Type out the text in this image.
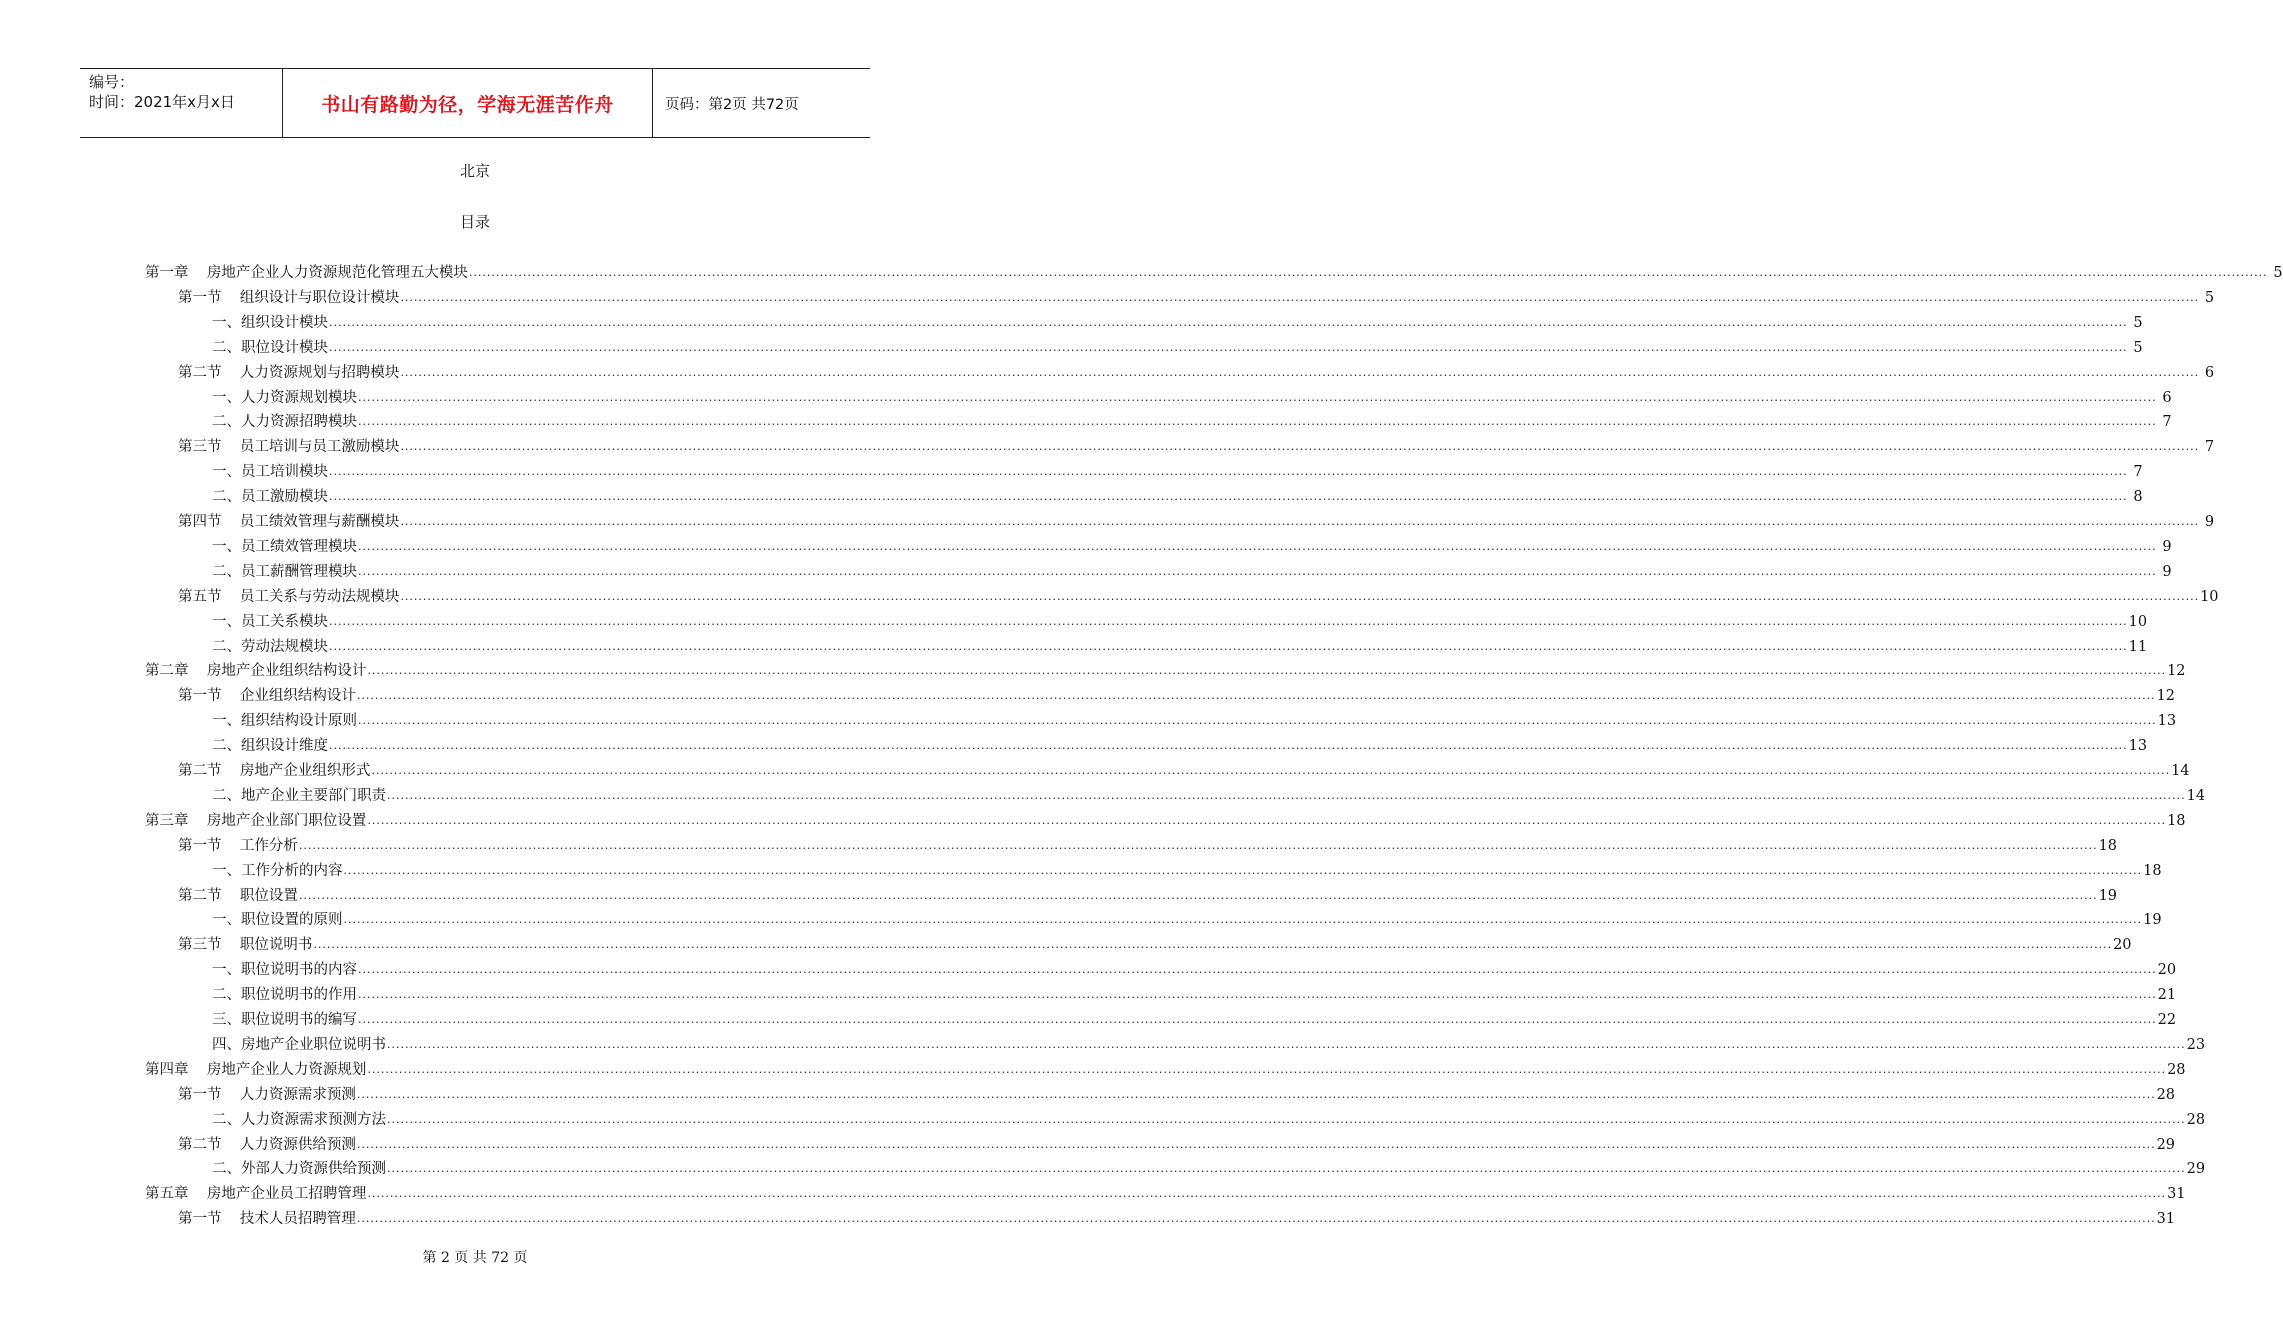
编号：
时间：2021年x月x日	书山有路勤为径，学海无涯苦作舟	页码：第2页 共72页
北京
目录
第一章    房地产企业人力资源规范化管理五大模块 ................................................................................................................................................................................................................................................................................................................................................................................................................ 5
第一节    组织设计与职位设计模块 ................................................................................................................................................................................................................................................................................................................................................................................................................ 5
一、组织设计模块 ................................................................................................................................................................................................................................................................................................................................................................................................................ 5
二、职位设计模块 ................................................................................................................................................................................................................................................................................................................................................................................................................ 5
第二节    人力资源规划与招聘模块 ................................................................................................................................................................................................................................................................................................................................................................................................................ 6
一、人力资源规划模块 ................................................................................................................................................................................................................................................................................................................................................................................................................ 6
二、人力资源招聘模块 ................................................................................................................................................................................................................................................................................................................................................................................................................ 7
第三节    员工培训与员工激励模块 ................................................................................................................................................................................................................................................................................................................................................................................................................ 7
一、员工培训模块 ................................................................................................................................................................................................................................................................................................................................................................................................................ 7
二、员工激励模块 ................................................................................................................................................................................................................................................................................................................................................................................................................ 8
第四节    员工绩效管理与薪酬模块 ................................................................................................................................................................................................................................................................................................................................................................................................................ 9
一、员工绩效管理模块 ................................................................................................................................................................................................................................................................................................................................................................................................................ 9
二、员工薪酬管理模块 ................................................................................................................................................................................................................................................................................................................................................................................................................ 9
第五节    员工关系与劳动法规模块 ................................................................................................................................................................................................................................................................................................................................................................................................................ 10
一、员工关系模块 ................................................................................................................................................................................................................................................................................................................................................................................................................ 10
二、劳动法规模块 ................................................................................................................................................................................................................................................................................................................................................................................................................ 11
第二章    房地产企业组织结构设计 ................................................................................................................................................................................................................................................................................................................................................................................................................ 12
第一节    企业组织结构设计 ................................................................................................................................................................................................................................................................................................................................................................................................................ 12
一、组织结构设计原则 ................................................................................................................................................................................................................................................................................................................................................................................................................ 13
二、组织设计维度 ................................................................................................................................................................................................................................................................................................................................................................................................................ 13
第二节    房地产企业组织形式 ................................................................................................................................................................................................................................................................................................................................................................................................................ 14
二、地产企业主要部门职责 ................................................................................................................................................................................................................................................................................................................................................................................................................ 14
第三章    房地产企业部门职位设置 ................................................................................................................................................................................................................................................................................................................................................................................................................ 18
第一节    工作分析 ................................................................................................................................................................................................................................................................................................................................................................................................................ 18
一、工作分析的内容 ................................................................................................................................................................................................................................................................................................................................................................................................................ 18
第二节    职位设置 ................................................................................................................................................................................................................................................................................................................................................................................................................ 19
一、职位设置的原则 ................................................................................................................................................................................................................................................................................................................................................................................................................ 19
第三节    职位说明书 ................................................................................................................................................................................................................................................................................................................................................................................................................ 20
一、职位说明书的内容 ................................................................................................................................................................................................................................................................................................................................................................................................................ 20
二、职位说明书的作用 ................................................................................................................................................................................................................................................................................................................................................................................................................ 21
三、职位说明书的编写 ................................................................................................................................................................................................................................................................................................................................................................................................................ 22
四、房地产企业职位说明书 ................................................................................................................................................................................................................................................................................................................................................................................................................ 23
第四章    房地产企业人力资源规划 ................................................................................................................................................................................................................................................................................................................................................................................................................ 28
第一节    人力资源需求预测 ................................................................................................................................................................................................................................................................................................................................................................................................................ 28
二、人力资源需求预测方法 ................................................................................................................................................................................................................................................................................................................................................................................................................ 28
第二节    人力资源供给预测 ................................................................................................................................................................................................................................................................................................................................................................................................................ 29
二、外部人力资源供给预测 ................................................................................................................................................................................................................................................................................................................................................................................................................ 29
第五章    房地产企业员工招聘管理 ................................................................................................................................................................................................................................................................................................................................................................................................................ 31
第一节    技术人员招聘管理 ................................................................................................................................................................................................................................................................................................................................................................................................................ 31
第 2 页 共 72 页
